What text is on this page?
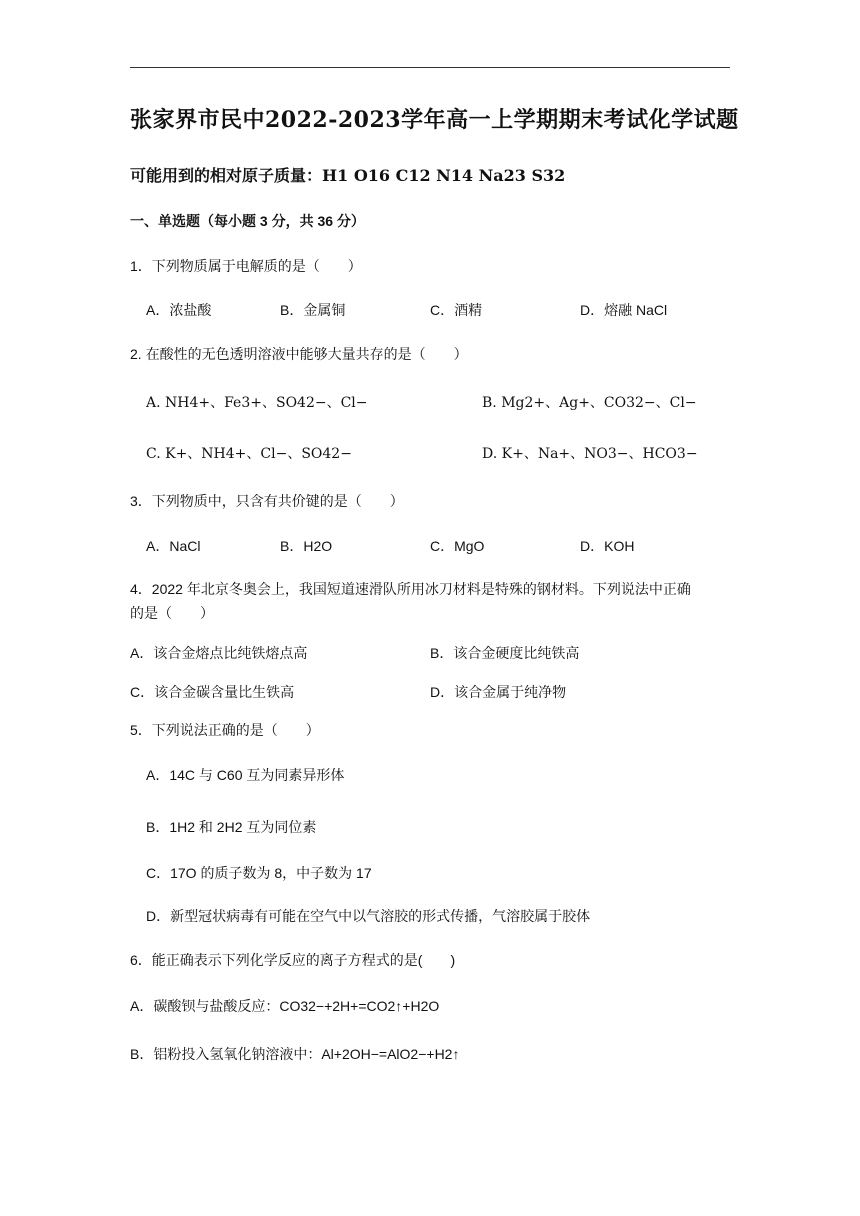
张家界市民中2022-2023学年高一上学期期末考试化学试题
可能用到的相对原子质量：H1 O16 C12 N14 Na23 S32
一、单选题（每小题 3 分，共 36 分）
1．下列物质属于电解质的是（　　）
A．浓盐酸	B．金属铜	C．酒精	D．熔融 NaCl
2. 在酸性的无色透明溶液中能够大量共存的是（　　）
A. NH4+、Fe3+、SO42−、Cl−	B. Mg2+、Ag+、CO32−、Cl−
C. K+、NH4+、Cl−、SO42−	D. K+、Na+、NO3−、HCO3−
3．下列物质中，只含有共价键的是（　　）
A．NaCl	B．H2O	C．MgO	D．KOH
4．2022 年北京冬奥会上，我国短道速滑队所用冰刀材料是特殊的钢材料。下列说法中正确
的是（　　）
A．该合金熔点比纯铁熔点高	B．该合金硬度比纯铁高
C．该合金碳含量比生铁高	D．该合金属于纯净物
5．下列说法正确的是（　　）
A．14C 与 C60 互为同素异形体
B．1H2 和 2H2 互为同位素
C．17O 的质子数为 8，中子数为 17
D．新型冠状病毒有可能在空气中以气溶胶的形式传播，气溶胶属于胶体
6．能正确表示下列化学反应的离子方程式的是(　　)
A．碳酸钡与盐酸反应：CO32−+2H+=CO2↑+H2O
B．铝粉投入氢氧化钠溶液中：Al+2OH−=AlO2−+H2↑
